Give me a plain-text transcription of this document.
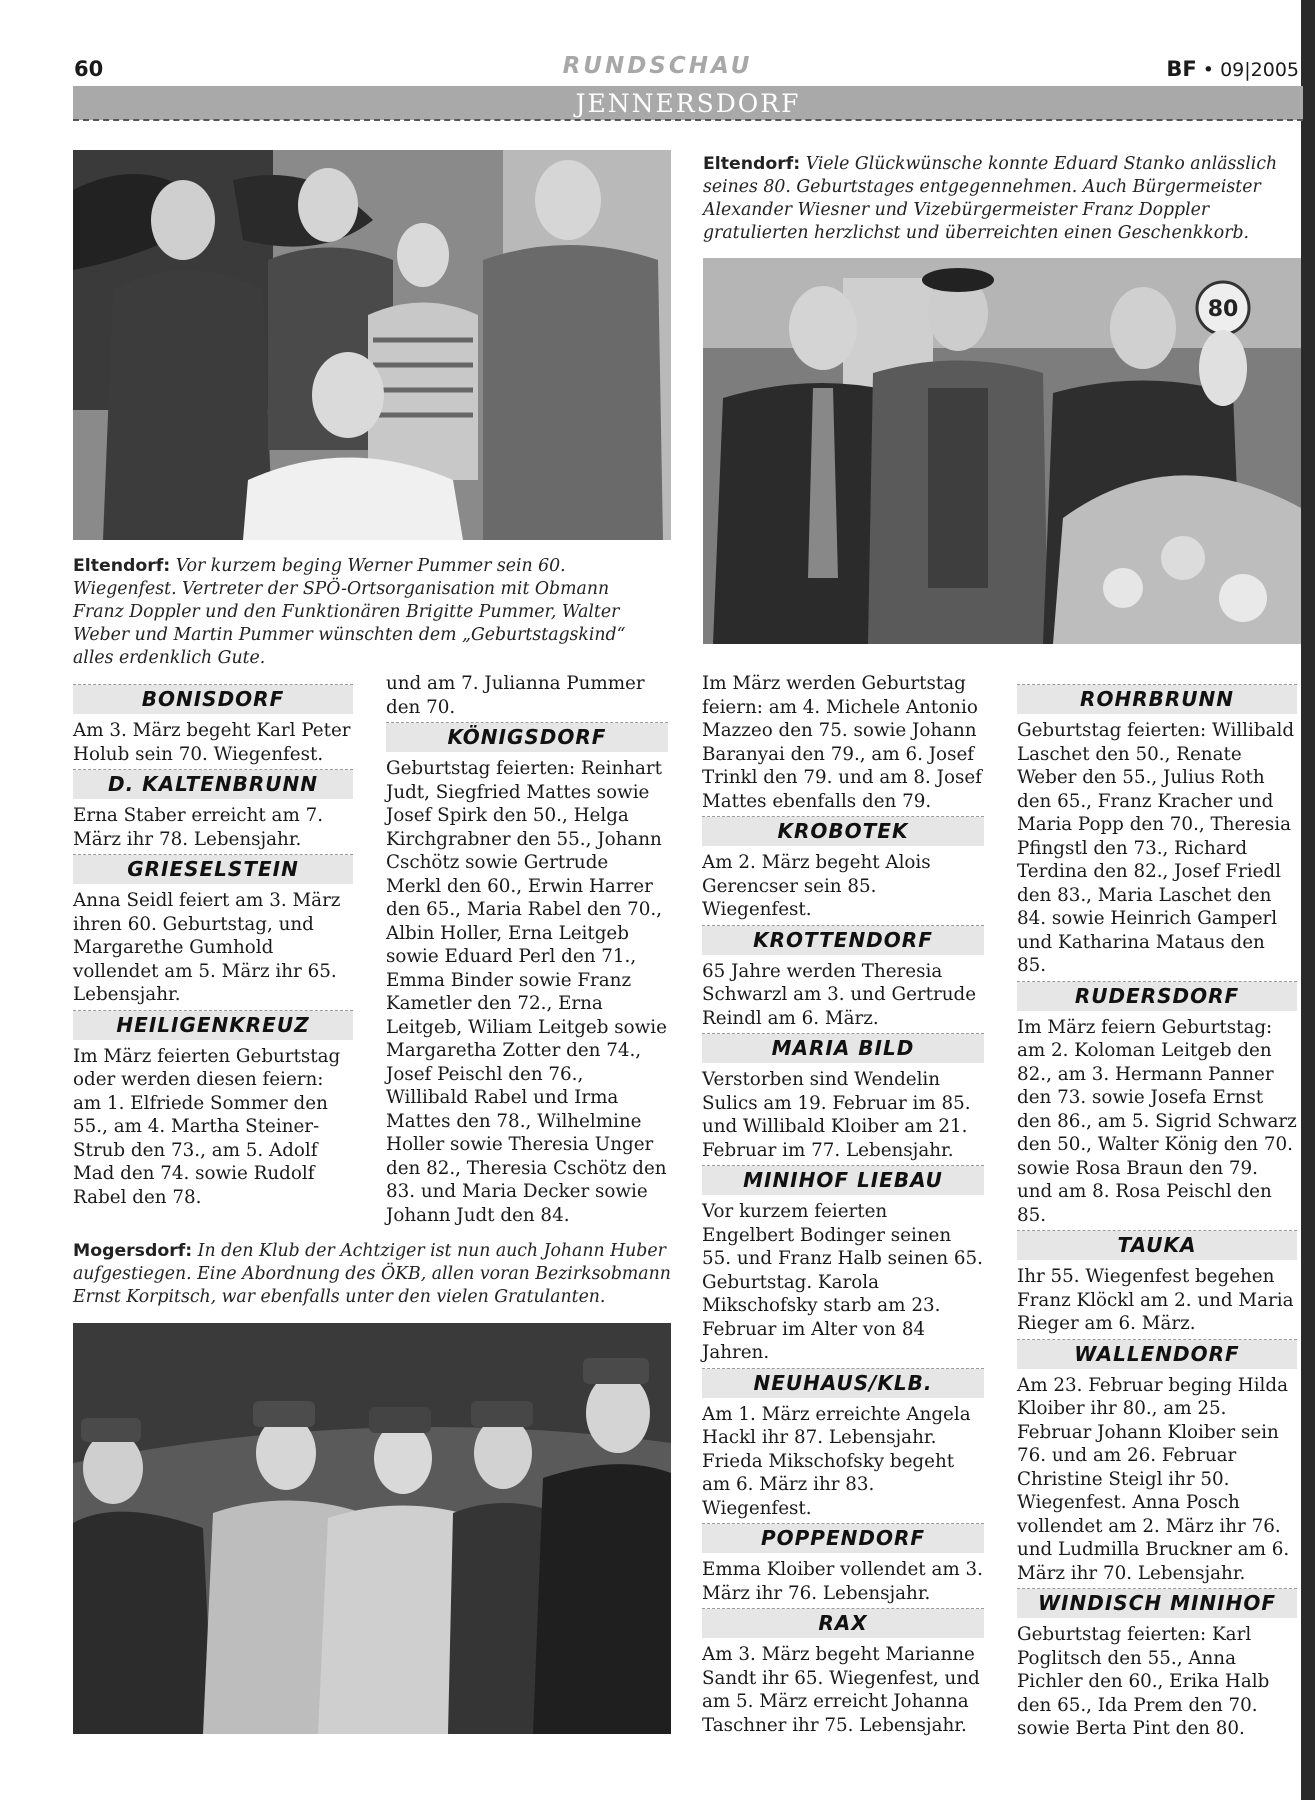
60	RUNDSCHAU	BF • 09|2005
JENNERSDORF
Eltendorf: Vor kurzem beging Werner Pummer sein 60. Wiegenfest. Vertreter der SPÖ-Ortsorganisation mit Obmann Franz Doppler und den Funktionären Brigitte Pummer, Walter Weber und Martin Pummer wünschten dem „Geburtstagskind“ alles erdenklich Gute.
Eltendorf: Viele Glückwünsche konnte Eduard Stanko anlässlich seines 80. Geburtstages entgegennehmen. Auch Bürgermeister Alexander Wiesner und Vizebürgermeister Franz Doppler gratulierten herzlichst und überreichten einen Geschenkkorb.
80
Mogersdorf: In den Klub der Achtziger ist nun auch Johann Huber aufgestiegen. Eine Abordnung des ÖKB, allen voran Bezirksobmann Ernst Korpitsch, war ebenfalls unter den vielen Gratulanten.
BONISDORF

Am 3. März begeht Karl Peter Holub sein 70. Wiegenfest.

D. KALTENBRUNN

Erna Staber erreicht am 7. März ihr 78. Lebensjahr.

GRIESELSTEIN

Anna Seidl feiert am 3. März ihren 60. Geburtstag, und Margarethe Gumhold vollendet am 5. März ihr 65. Lebensjahr.

HEILIGENKREUZ

Im März feierten Geburtstag oder werden diesen feiern: am 1. Elfriede Sommer den 55., am 4. Martha Steiner-Strub den 73., am 5. Adolf Mad den 74. sowie Rudolf Rabel den 78.

und am 7. Julianna Pummer den 70.

KÖNIGSDORF

Geburtstag feierten: Reinhart Judt, Siegfried Mattes sowie Josef Spirk den 50., Helga Kirchgrabner den 55., Johann Cschötz sowie Gertrude Merkl den 60., Erwin Harrer den 65., Maria Rabel den 70., Albin Holler, Erna Leitgeb sowie Eduard Perl den 71., Emma Binder sowie Franz Kametler den 72., Erna Leitgeb, Wiliam Leitgeb sowie Margaretha Zotter den 74., Josef Peischl den 76., Willibald Rabel und Irma Mattes den 78., Wilhelmine Holler sowie Theresia Unger den 82., Theresia Cschötz den 83. und Maria Decker sowie Johann Judt den 84.

Im März werden Geburtstag feiern: am 4. Michele Antonio Mazzeo den 75. sowie Johann Baranyai den 79., am 6. Josef Trinkl den 79. und am 8. Josef Mattes ebenfalls den 79.

KROBOTEK

Am 2. März begeht Alois Gerencser sein 85. Wiegenfest.

KROTTENDORF

65 Jahre werden Theresia Schwarzl am 3. und Gertrude Reindl am 6. März.

MARIA BILD

Verstorben sind Wendelin Sulics am 19. Februar im 85. und Willibald Kloiber am 21. Februar im 77. Lebensjahr.

MINIHOF LIEBAU

Vor kurzem feierten Engelbert Bodinger seinen 55. und Franz Halb seinen 65. Geburtstag. Karola Mikschofsky starb am 23. Februar im Alter von 84 Jahren.

NEUHAUS/KLB.

Am 1. März erreichte Angela Hackl ihr 87. Lebensjahr. Frieda Mikschofsky begeht am 6. März ihr 83. Wiegenfest.

POPPENDORF

Emma Kloiber vollendet am 3. März ihr 76. Lebensjahr.

RAX

Am 3. März begeht Marianne Sandt ihr 65. Wiegenfest, und am 5. März erreicht Johanna Taschner ihr 75. Lebensjahr.

ROHRBRUNN

Geburtstag feierten: Willibald Laschet den 50., Renate Weber den 55., Julius Roth den 65., Franz Kracher und Maria Popp den 70., Theresia Pfingstl den 73., Richard Terdina den 82., Josef Friedl den 83., Maria Laschet den 84. sowie Heinrich Gamperl und Katharina Mataus den 85.

RUDERSDORF

Im März feiern Geburtstag: am 2. Koloman Leitgeb den 82., am 3. Hermann Panner den 73. sowie Josefa Ernst den 86., am 5. Sigrid Schwarz den 50., Walter König den 70. sowie Rosa Braun den 79. und am 8. Rosa Peischl den 85.

TAUKA

Ihr 55. Wiegenfest begehen Franz Klöckl am 2. und Maria Rieger am 6. März.

WALLENDORF

Am 23. Februar beging Hilda Kloiber ihr 80., am 25. Februar Johann Kloiber sein 76. und am 26. Februar Christine Steigl ihr 50. Wiegenfest. Anna Posch vollendet am 2. März ihr 76. und Ludmilla Bruckner am 6. März ihr 70. Lebensjahr.

WINDISCH MINIHOF

Geburtstag feierten: Karl Poglitsch den 55., Anna Pichler den 60., Erika Halb den 65., Ida Prem den 70. sowie Berta Pint den 80.
